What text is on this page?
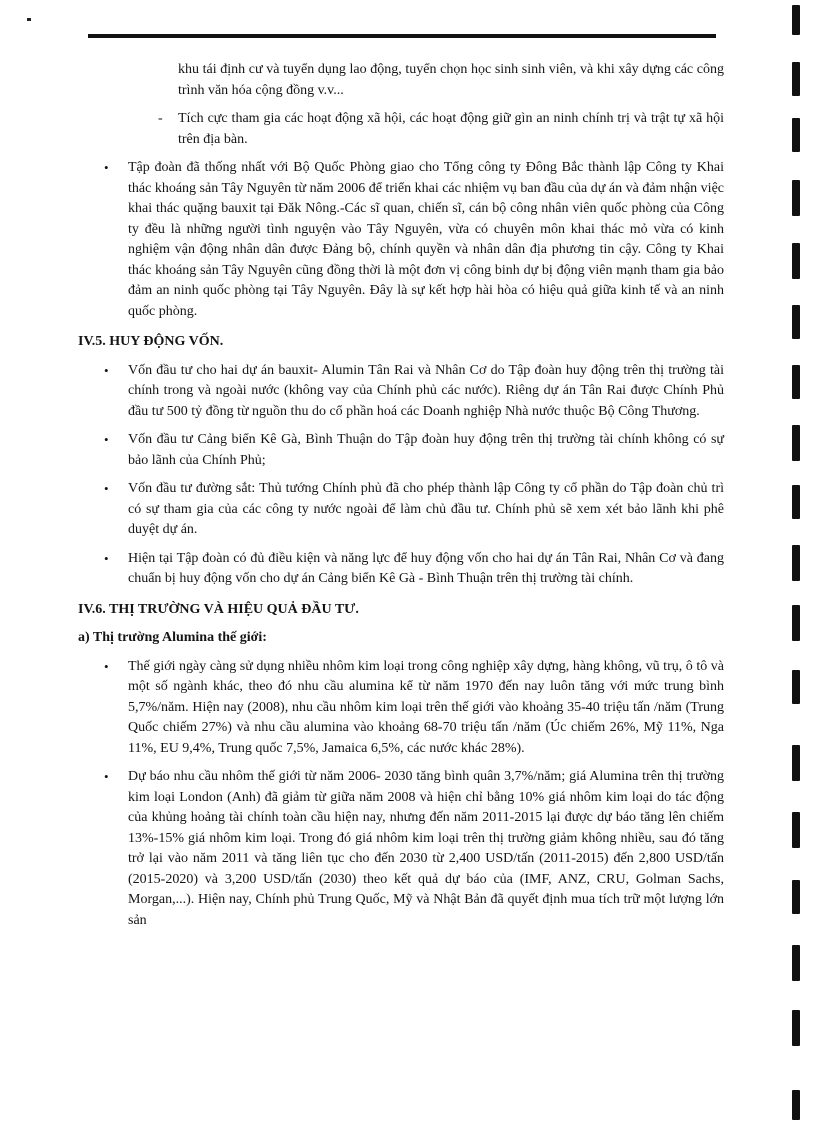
khu tái định cư và tuyển dụng lao động, tuyển chọn học sinh sinh viên, và khi xây dựng các công trình văn hóa cộng đồng v.v...

- Tích cực tham gia các hoạt động xã hội, các hoạt động giữ gìn an ninh chính trị và trật tự xã hội trên địa bàn.

• Tập đoàn đã thống nhất với Bộ Quốc Phòng giao cho Tổng công ty Đông Bắc thành lập Công ty Khai thác khoáng sản Tây Nguyên từ năm 2006 để triển khai các nhiệm vụ ban đầu của dự án và đảm nhận việc khai thác quặng bauxit tại Đăk Nông.-Các sĩ quan, chiến sĩ, cán bộ công nhân viên quốc phòng của Công ty đều là những người tình nguyện vào Tây Nguyên, vừa có chuyên môn khai thác mỏ vừa có kinh nghiệm vận động nhân dân được Đảng bộ, chính quyền và nhân dân địa phương tin cậy. Công ty Khai thác khoáng sản Tây Nguyên cũng đồng thời là một đơn vị công binh dự bị động viên mạnh tham gia bảo đảm an ninh quốc phòng tại Tây Nguyên. Đây là sự kết hợp hài hòa có hiệu quả giữa kinh tế và an ninh quốc phòng.

IV.5. HUY ĐỘNG VỐN.

• Vốn đầu tư cho hai dự án bauxit- Alumin Tân Rai và Nhân Cơ do Tập đoàn huy động trên thị trường tài chính trong và ngoài nước (không vay của Chính phủ các nước). Riêng dự án Tân Rai được Chính Phủ đầu tư 500 tỷ đồng từ nguồn thu do cổ phần hoá các Doanh nghiệp Nhà nước thuộc Bộ Công Thương.

• Vốn đầu tư Cảng biển Kê Gà, Bình Thuận do Tập đoàn huy động trên thị trường tài chính không có sự bảo lãnh của Chính Phủ;

• Vốn đầu tư đường sắt: Thủ tướng Chính phủ đã cho phép thành lập Công ty cổ phần do Tập đoàn chủ trì có sự tham gia của các công ty nước ngoài để làm chủ đầu tư. Chính phủ sẽ xem xét bảo lãnh khi phê duyệt dự án.

• Hiện tại Tập đoàn có đủ điều kiện và năng lực để huy động vốn cho hai dự án Tân Rai, Nhân Cơ và đang chuẩn bị huy động vốn cho dự án Cảng biển Kê Gà - Bình Thuận trên thị trường tài chính.

IV.6. THỊ TRƯỜNG VÀ HIỆU QUẢ ĐẦU TƯ.
a) Thị trường Alumina thế giới:

• Thế giới ngày càng sử dụng nhiều nhôm kim loại trong công nghiệp xây dựng, hàng không, vũ trụ, ô tô và một số ngành khác, theo đó nhu cầu alumina kể từ năm 1970 đến nay luôn tăng với mức trung bình 5,7%/năm. Hiện nay (2008), nhu cầu nhôm kim loại trên thế giới vào khoảng 35-40 triệu tấn /năm (Trung Quốc chiếm 27%) và nhu cầu alumina vào khoảng 68-70 triệu tấn /năm (Úc chiếm 26%, Mỹ 11%, Nga 11%, EU 9,4%, Trung quốc 7,5%, Jamaica 6,5%, các nước khác 28%).

• Dự báo nhu cầu nhôm thế giới từ năm 2006- 2030 tăng bình quân 3,7%/năm; giá Alumina trên thị trường kim loại London (Anh) đã giảm từ giữa năm 2008 và hiện chỉ bằng 10% giá nhôm kim loại do tác động của khủng hoảng tài chính toàn cầu hiện nay, nhưng đến năm 2011-2015 lại được dự báo tăng lên chiếm 13%-15% giá nhôm kim loại. Trong đó giá nhôm kim loại trên thị trường giảm không nhiều, sau đó tăng trở lại vào năm 2011 và tăng liên tục cho đến 2030 từ 2,400 USD/tấn (2011-2015) đến 2,800 USD/tấn (2015-2020) và 3,200 USD/tấn (2030) theo kết quả dự báo của (IMF, ANZ, CRU, Golman Sachs, Morgan,...). Hiện nay, Chính phủ Trung Quốc, Mỹ và Nhật Bản đã quyết định mua tích trữ một lượng lớn sản
